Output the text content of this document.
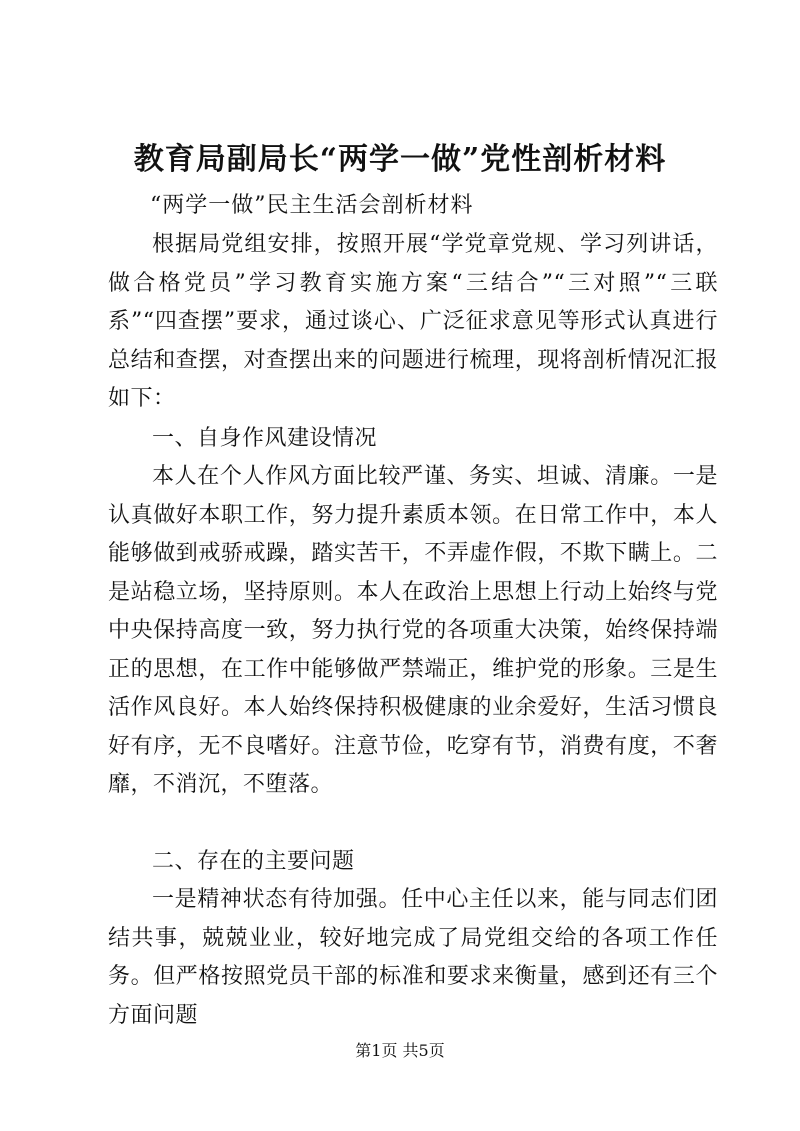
教育局副局长“两学一做”党性剖析材料
“两学一做”民主生活会剖析材料

根据局党组安排，按照开展“学党章党规、学习列讲话，做合格党员”学习教育实施方案“三结合”“三对照”“三联系”“四查摆”要求，通过谈心、广泛征求意见等形式认真进行总结和查摆，对查摆出来的问题进行梳理，现将剖析情况汇报如下：

一、自身作风建设情况

本人在个人作风方面比较严谨、务实、坦诚、清廉。一是认真做好本职工作，努力提升素质本领。在日常工作中，本人能够做到戒骄戒躁，踏实苦干，不弄虚作假，不欺下瞒上。二是站稳立场，坚持原则。本人在政治上思想上行动上始终与党中央保持高度一致，努力执行党的各项重大决策，始终保持端正的思想，在工作中能够做严禁端正，维护党的形象。三是生活作风良好。本人始终保持积极健康的业余爱好，生活习惯良好有序，无不良嗜好。注意节俭，吃穿有节，消费有度，不奢靡，不消沉，不堕落。

二、存在的主要问题

一是精神状态有待加强。任中心主任以来，能与同志们团结共事，兢兢业业，较好地完成了局党组交给的各项工作任务。但严格按照党员干部的标准和要求来衡量，感到还有三个方面问题

第1页 共5页
